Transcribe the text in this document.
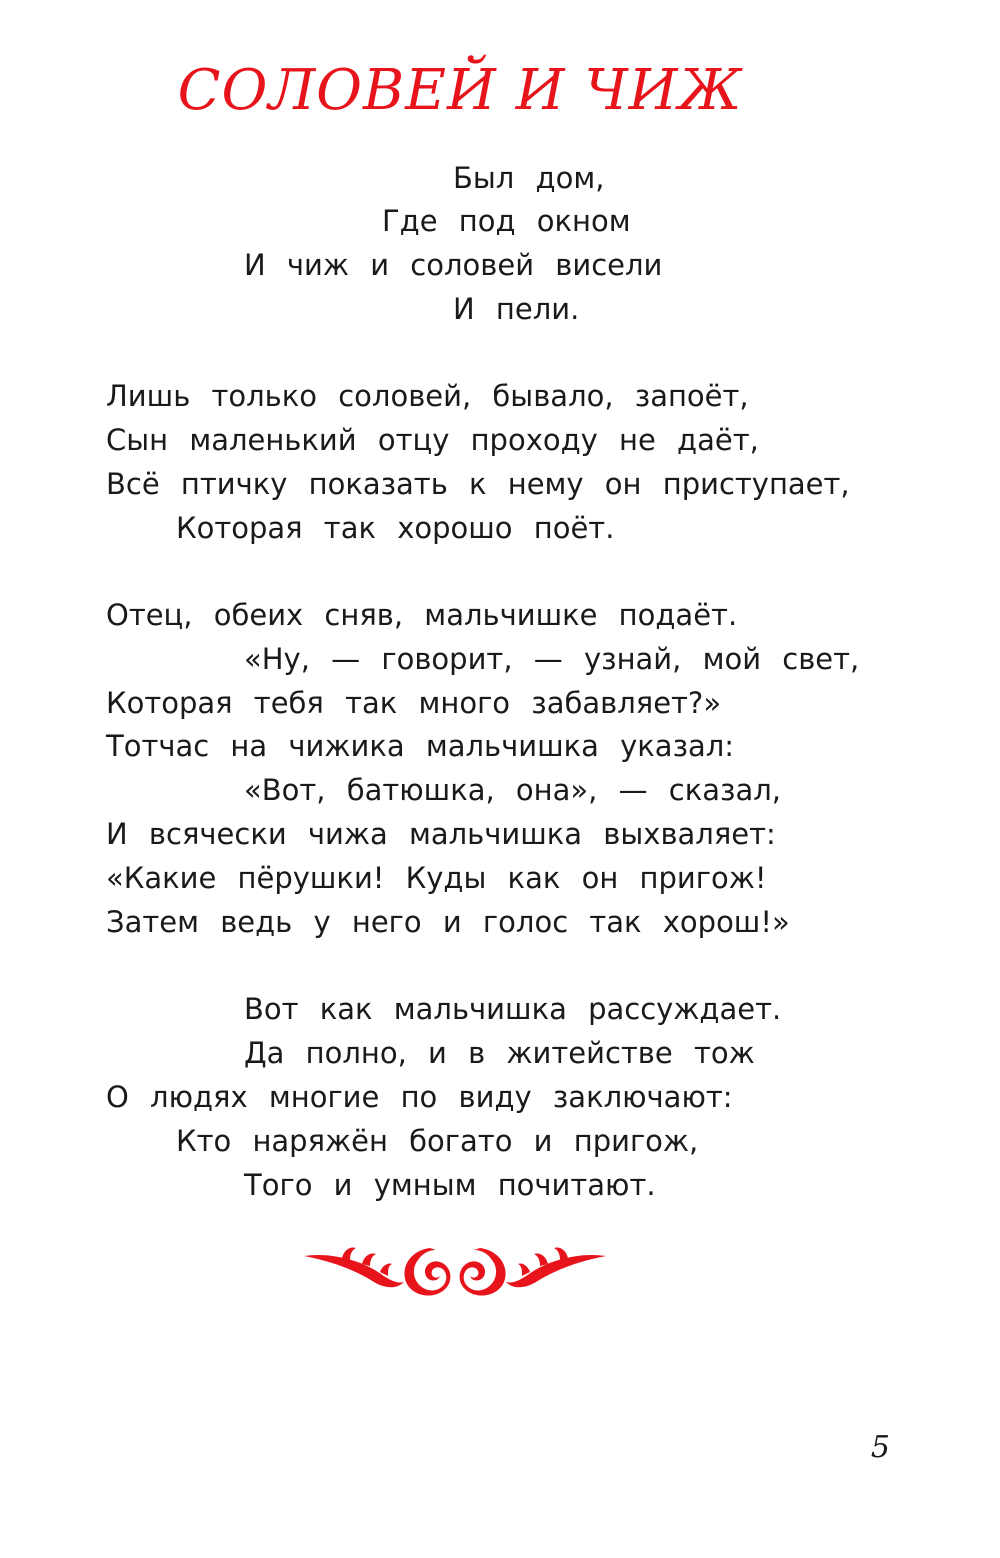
СОЛОВЕЙ И ЧИЖ
Был дом,
Где под окном
И чиж и соловей висели
И пели.
Лишь только соловей, бывало, запоёт,
Сын маленький отцу проходу не даёт,
Всё птичку показать к нему он приступает,
Которая так хорошо поёт.
Отец, обеих сняв, мальчишке подаёт.
«Ну, — говорит, — узнай, мой свет,
Которая тебя так много забавляет?»
Тотчас на чижика мальчишка указал:
«Вот, батюшка, она», — сказал,
И всячески чижа мальчишка выхваляет:
«Какие пёрушки! Куды как он пригож!
Затем ведь у него и голос так хорош!»
Вот как мальчишка рассуждает.
Да полно, и в житействе тож
О людях многие по виду заключают:
Кто наряжён богато и пригож,
Того и умным почитают.
5
